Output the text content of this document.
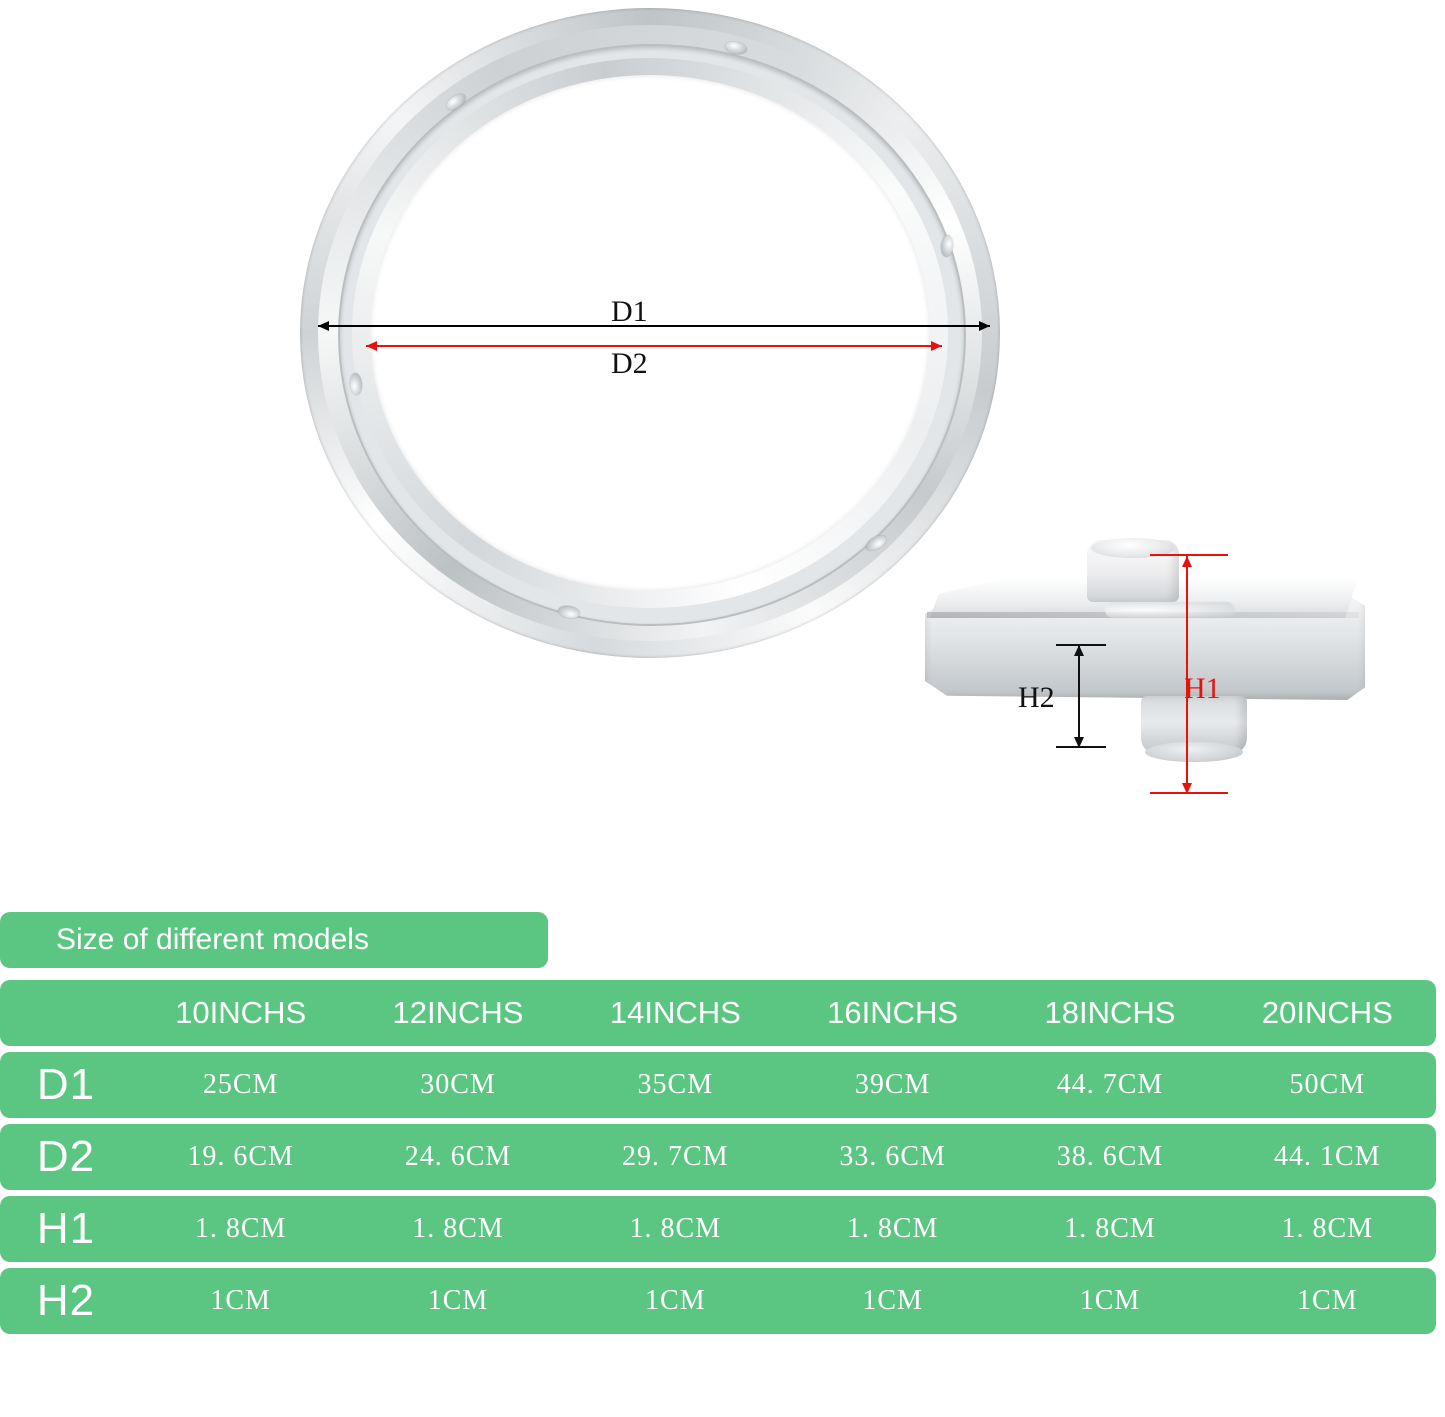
D1
D2
H1
H2
Size of different models
	10INCHS	12INCHS	14INCHS	16INCHS	18INCHS	20INCHS
D1	25CM	30CM	35CM	39CM	44. 7CM	50CM
D2	19. 6CM	24. 6CM	29. 7CM	33. 6CM	38. 6CM	44. 1CM
H1	1. 8CM	1. 8CM	1. 8CM	1. 8CM	1. 8CM	1. 8CM
H2	1CM	1CM	1CM	1CM	1CM	1CM
